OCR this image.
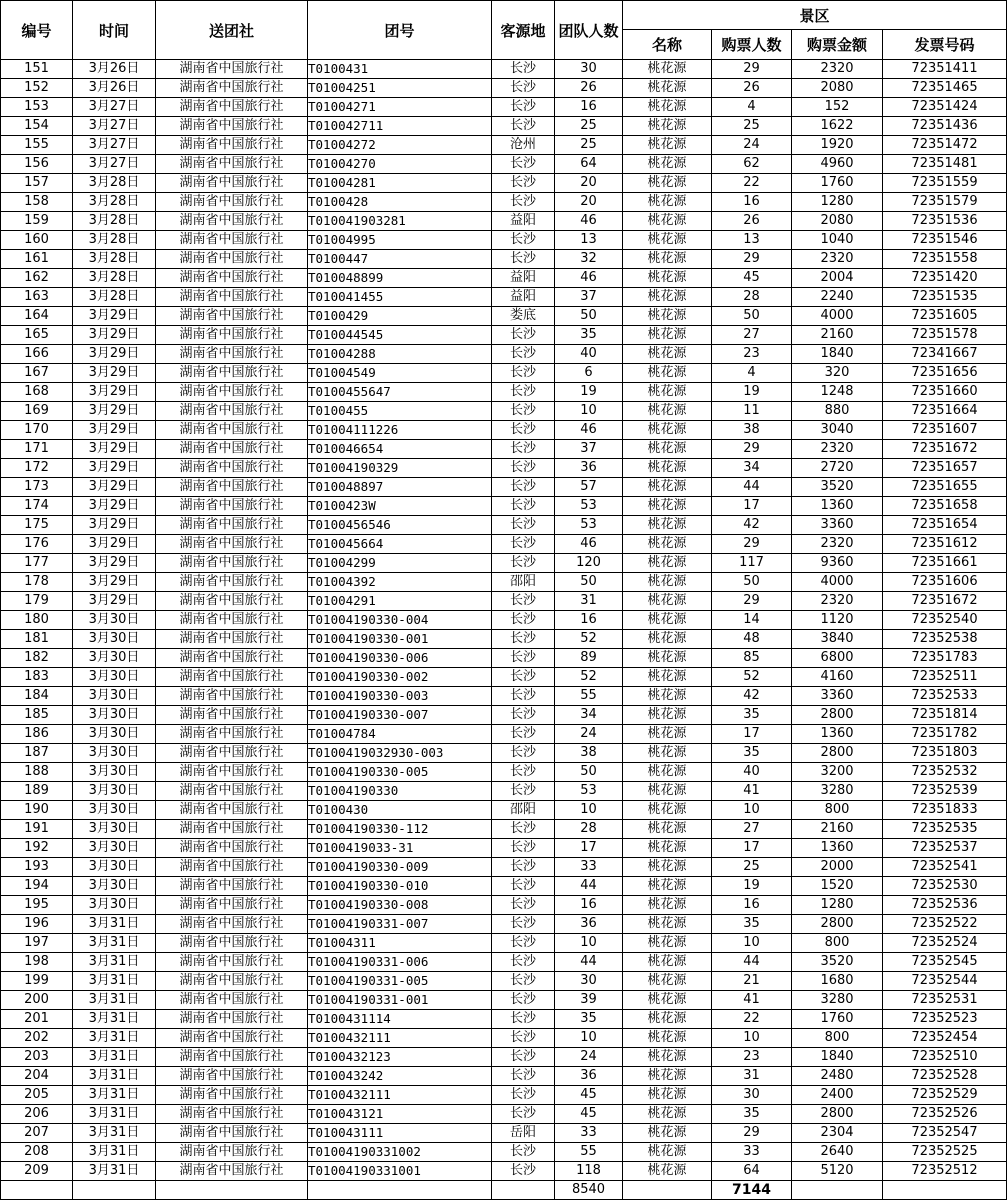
编号	时间	送团社	团号	客源地	团队人数	景区			
						名称	购票人数	购票金额	发票号码
151	3月26日	湖南省中国旅行社	T0100431	长沙	30	桃花源	29	2320	72351411
152	3月26日	湖南省中国旅行社	T01004251	长沙	26	桃花源	26	2080	72351465
153	3月27日	湖南省中国旅行社	T01004271	长沙	16	桃花源	4	152	72351424
154	3月27日	湖南省中国旅行社	T010042711	长沙	25	桃花源	25	1622	72351436
155	3月27日	湖南省中国旅行社	T01004272	沧州	25	桃花源	24	1920	72351472
156	3月27日	湖南省中国旅行社	T01004270	长沙	64	桃花源	62	4960	72351481
157	3月28日	湖南省中国旅行社	T01004281	长沙	20	桃花源	22	1760	72351559
158	3月28日	湖南省中国旅行社	T0100428	长沙	20	桃花源	16	1280	72351579
159	3月28日	湖南省中国旅行社	T010041903281	益阳	46	桃花源	26	2080	72351536
160	3月28日	湖南省中国旅行社	T01004995	长沙	13	桃花源	13	1040	72351546
161	3月28日	湖南省中国旅行社	T0100447	长沙	32	桃花源	29	2320	72351558
162	3月28日	湖南省中国旅行社	T010048899	益阳	46	桃花源	45	2004	72351420
163	3月28日	湖南省中国旅行社	T010041455	益阳	37	桃花源	28	2240	72351535
164	3月29日	湖南省中国旅行社	T0100429	娄底	50	桃花源	50	4000	72351605
165	3月29日	湖南省中国旅行社	T010044545	长沙	35	桃花源	27	2160	72351578
166	3月29日	湖南省中国旅行社	T01004288	长沙	40	桃花源	23	1840	72341667
167	3月29日	湖南省中国旅行社	T01004549	长沙	6	桃花源	4	320	72351656
168	3月29日	湖南省中国旅行社	T0100455647	长沙	19	桃花源	19	1248	72351660
169	3月29日	湖南省中国旅行社	T0100455	长沙	10	桃花源	11	880	72351664
170	3月29日	湖南省中国旅行社	T01004111226	长沙	46	桃花源	38	3040	72351607
171	3月29日	湖南省中国旅行社	T010046654	长沙	37	桃花源	29	2320	72351672
172	3月29日	湖南省中国旅行社	T01004190329	长沙	36	桃花源	34	2720	72351657
173	3月29日	湖南省中国旅行社	T010048897	长沙	57	桃花源	44	3520	72351655
174	3月29日	湖南省中国旅行社	T0100423W	长沙	53	桃花源	17	1360	72351658
175	3月29日	湖南省中国旅行社	T0100456546	长沙	53	桃花源	42	3360	72351654
176	3月29日	湖南省中国旅行社	T010045664	长沙	46	桃花源	29	2320	72351612
177	3月29日	湖南省中国旅行社	T01004299	长沙	120	桃花源	117	9360	72351661
178	3月29日	湖南省中国旅行社	T01004392	邵阳	50	桃花源	50	4000	72351606
179	3月29日	湖南省中国旅行社	T01004291	长沙	31	桃花源	29	2320	72351672
180	3月30日	湖南省中国旅行社	T01004190330-004	长沙	16	桃花源	14	1120	72352540
181	3月30日	湖南省中国旅行社	T01004190330-001	长沙	52	桃花源	48	3840	72352538
182	3月30日	湖南省中国旅行社	T01004190330-006	长沙	89	桃花源	85	6800	72351783
183	3月30日	湖南省中国旅行社	T01004190330-002	长沙	52	桃花源	52	4160	72352511
184	3月30日	湖南省中国旅行社	T01004190330-003	长沙	55	桃花源	42	3360	72352533
185	3月30日	湖南省中国旅行社	T01004190330-007	长沙	34	桃花源	35	2800	72351814
186	3月30日	湖南省中国旅行社	T01004784	长沙	24	桃花源	17	1360	72351782
187	3月30日	湖南省中国旅行社	T0100419032930-003	长沙	38	桃花源	35	2800	72351803
188	3月30日	湖南省中国旅行社	T01004190330-005	长沙	50	桃花源	40	3200	72352532
189	3月30日	湖南省中国旅行社	T01004190330	长沙	53	桃花源	41	3280	72352539
190	3月30日	湖南省中国旅行社	T0100430	邵阳	10	桃花源	10	800	72351833
191	3月30日	湖南省中国旅行社	T01004190330-112	长沙	28	桃花源	27	2160	72352535
192	3月30日	湖南省中国旅行社	T0100419033-31	长沙	17	桃花源	17	1360	72352537
193	3月30日	湖南省中国旅行社	T01004190330-009	长沙	33	桃花源	25	2000	72352541
194	3月30日	湖南省中国旅行社	T01004190330-010	长沙	44	桃花源	19	1520	72352530
195	3月30日	湖南省中国旅行社	T01004190330-008	长沙	16	桃花源	16	1280	72352536
196	3月31日	湖南省中国旅行社	T01004190331-007	长沙	36	桃花源	35	2800	72352522
197	3月31日	湖南省中国旅行社	T01004311	长沙	10	桃花源	10	800	72352524
198	3月31日	湖南省中国旅行社	T01004190331-006	长沙	44	桃花源	44	3520	72352545
199	3月31日	湖南省中国旅行社	T01004190331-005	长沙	30	桃花源	21	1680	72352544
200	3月31日	湖南省中国旅行社	T01004190331-001	长沙	39	桃花源	41	3280	72352531
201	3月31日	湖南省中国旅行社	T0100431114	长沙	35	桃花源	22	1760	72352523
202	3月31日	湖南省中国旅行社	T0100432111	长沙	10	桃花源	10	800	72352454
203	3月31日	湖南省中国旅行社	T0100432123	长沙	24	桃花源	23	1840	72352510
204	3月31日	湖南省中国旅行社	T010043242	长沙	36	桃花源	31	2480	72352528
205	3月31日	湖南省中国旅行社	T0100432111	长沙	45	桃花源	30	2400	72352529
206	3月31日	湖南省中国旅行社	T010043121	长沙	45	桃花源	35	2800	72352526
207	3月31日	湖南省中国旅行社	T010043111	岳阳	33	桃花源	29	2304	72352547
208	3月31日	湖南省中国旅行社	T01004190331002	长沙	55	桃花源	33	2640	72352525
209	3月31日	湖南省中国旅行社	T01004190331001	长沙	118	桃花源	64	5120	72352512
					8540		7144		
